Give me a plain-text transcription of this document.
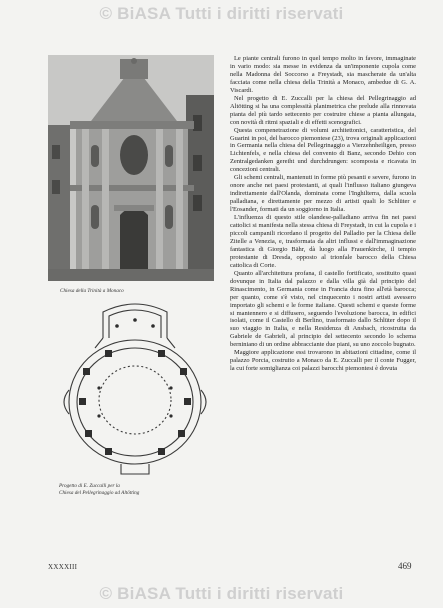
© BiASA Tutti i diritti riservati
Chiesa della Trinità a Monaco
Progetto di E. Zuccalli per la
Chiesa del Pellegrinaggio ad Altötting

Le piante centrali furono in quel tempo molto in favore, immaginate in vario modo: sia messe in evidenza da un'imponente cupola come nella Madonna del Soccorso a Freystadt, sia mascherate da un'alta facciata come nella chiesa della Trinità a Monaco, ambedue di G. A. Viscardi.

Nel progetto di E. Zuccalli per la chiesa del Pellegrinaggio ad Altötting si ha una complessità planimetrica che prelude alla rinnovata pianta del più tardo settecento per costruire chiese a pianta allungata, con novità di ritmi spaziali e di effetti scenografici.

Questa compenetrazione di volumi architettonici, caratteristica, del Guarini in poi, del barocco piemontese (23), trova originali applicazioni in Germania nella chiesa del Pellegrinaggio a Vierzehnheiligen, presso Lichtenfels, e nella chiesa del convento di Banz, secondo Dehio con Zentralgedanken gereiht und durchdrungen: scomposta e ricavata in concezioni centrali.

Gli schemi centrali, mantenuti in forme più pesanti e severe, furono in onore anche nei paesi protestanti, ai quali l'influsso italiano giungeva indirettamente dall'Olanda, dominata come l'Inghilterra, dalla scuola palladiana, e direttamente per mezzo di artisti quali lo Schlüter e l'Eosander, formati da un soggiorno in Italia.

L'influenza di questo stile olandese-palladiano arriva fin nei paesi cattolici si manifesta nella stessa chiesa di Freystadt, in cui la cupola e i piccoli campanili ricordano il progetto del Palladio per la Chiesa delle Zitelle a Venezia, e, trasformata da altri influssi e dall'immaginazione fantastica di Giorgio Bähr, dà luogo alla Frauenkirche, il tempio protestante di Dresda, opposto al trionfale barocco della Chiesa cattolica di Corte.

Quanto all'architettura profana, il castello fortificato, sostituito quasi dovunque in Italia dal palazzo e dalla villa già dal principio del Rinascimento, in Germania come in Francia dura fino all'età barocca; per quanto, come s'è visto, nel cinquecento i nostri artisti avessero importato gli schemi e le forme italiane. Questi schemi e queste forme si mantennero e si diffusero, seguendo l'evoluzione barocca, in edifici isolati, come il Castello di Berlino, trasformato dallo Schlüter dopo il suo viaggio in Italia, e nella Residenza di Ansbach, ricostruita da Gabriele de Gabrieli, al principio del settecento secondo lo schema berniniano di un ordine abbracciante due piani, su uno zoccolo bugnato.

Maggiore applicazione essi trovarono in abitazioni cittadine, come il palazzo Porcia, costruito a Monaco da E. Zuccalli per il conte Fugger, la cui forte somiglianza coi palazzi barocchi piemontesi è dovuta

XXXXIII	469
© BiASA Tutti i diritti riservati
